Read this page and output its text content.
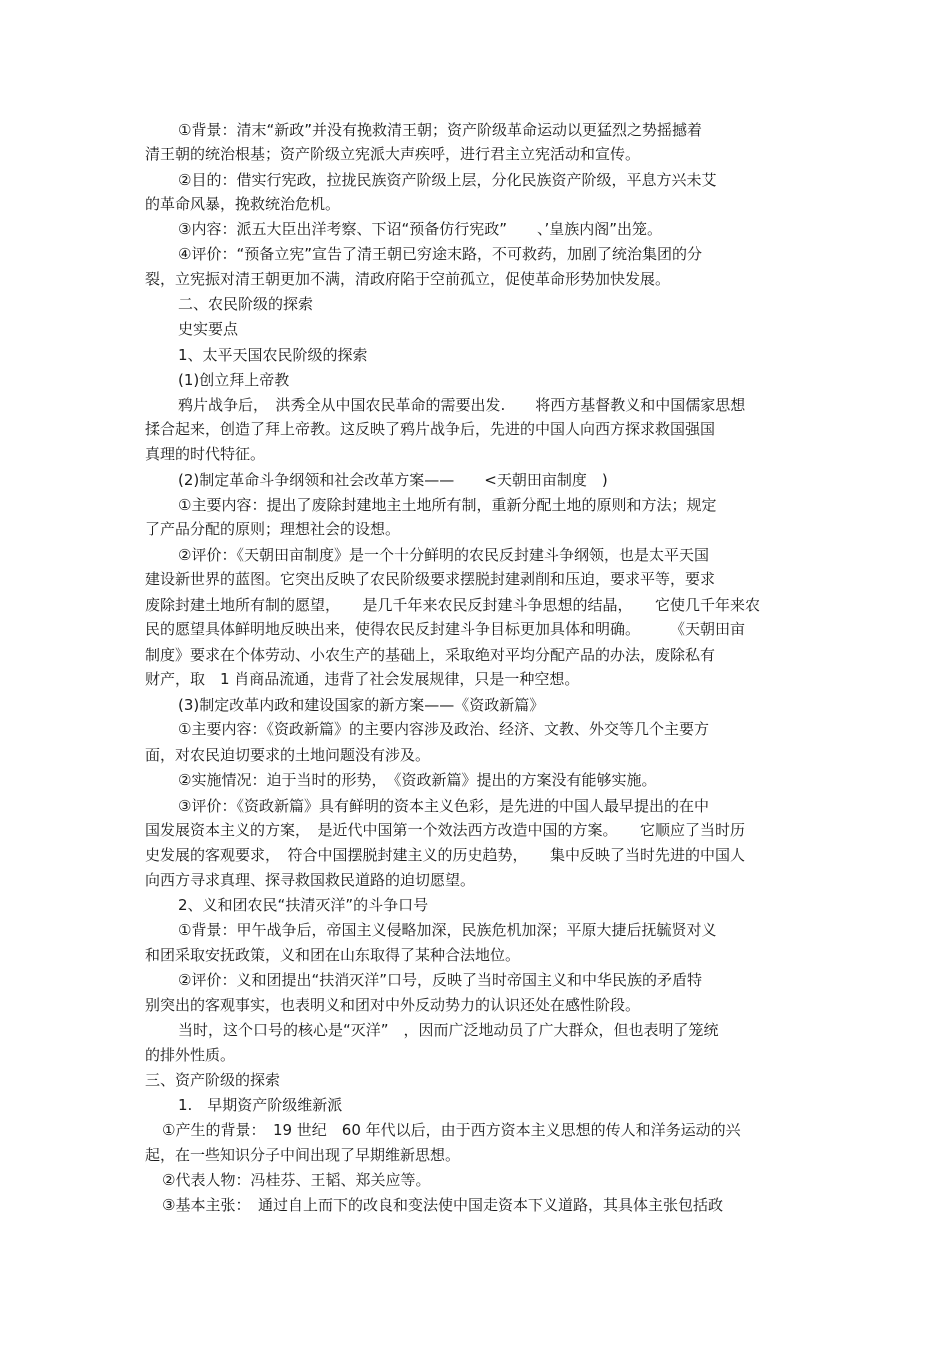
①背景：清末“新政”并没有挽救清王朝；资产阶级革命运动以更猛烈之势摇撼着
清王朝的统治根基；资产阶级立宪派大声疾呼，进行君主立宪活动和宣传。
②目的：借实行宪政，拉拢民族资产阶级上层，分化民族资产阶级，平息方兴未艾
的革命风暴，挽救统治危机。
③内容：派五大臣出洋考察、下诏“预备仿行宪政”　　、’皇族内阁”出笼。
④评价：“预备立宪”宣告了清王朝已穷途末路，不可救药，加剧了统治集团的分
裂，立宪振对清王朝更加不满，清政府陷于空前孤立，促使革命形势加快发展。
二、农民阶级的探索
史实要点
1、太平天国农民阶级的探索
(1)创立拜上帝教
鸦片战争后，　洪秀全从中国农民革命的需要出发.　　将西方基督教义和中国儒家思想
揉合起来，创造了拜上帝教。这反映了鸦片战争后，先进的中国人向西方探求救国强国
真理的时代特征。
(2)制定革命斗争纲领和社会改革方案——　　<天朝田亩制度　)
①主要内容：提出了废除封建地主土地所有制，重新分配土地的原则和方法；规定
了产品分配的原则；理想社会的设想。
②评价：《天朝田亩制度》是一个十分鲜明的农民反封建斗争纲领，也是太平天国
建设新世界的蓝图。它突出反映了农民阶级要求摆脱封建剥削和压迫，要求平等，要求
废除封建土地所有制的愿望，　　是几千年来农民反封建斗争思想的结晶，　　它使几千年来农
民的愿望具体鲜明地反映出来，使得农民反封建斗争目标更加具体和明确。　　　《天朝田亩
制度》要求在个体劳动、小农生产的基础上，采取绝对平均分配产品的办法，废除私有
财产，取　1 肖商品流通，违背了社会发展规律，只是一种空想。
(3)制定改革内政和建设国家的新方案——《资政新篇》
①主要内容：《资政新篇》的主要内容涉及政治、经济、文教、外交等几个主要方
面，对农民迫切要求的土地问题没有涉及。
②实施情况：迫于当时的形势，　《资政新篇》提出的方案没有能够实施。
③评价：《资政新篇》具有鲜明的资本主义色彩，是先进的中国人最早提出的在中
国发展资本主义的方案，　是近代中国第一个效法西方改造中国的方案。　　它顺应了当时历
史发展的客观要求，　符合中国摆脱封建主义的历史趋势，　　集中反映了当时先进的中国人
向西方寻求真理、探寻救国救民道路的迫切愿望。
2、义和团农民“扶清灭洋”的斗争口号
①背景：甲午战争后，帝国主义侵略加深，民族危机加深；平原大捷后抚毓贤对义
和团采取安抚政策，义和团在山东取得了某种合法地位。
②评价：义和团提出“扶消灭洋”口号，反映了当时帝国主义和中华民族的矛盾特
别突出的客观事实，也表明义和团对中外反动势力的认识还处在感性阶段。
当时，这个口号的核心是“灭洋”　，因而广泛地动员了广大群众，但也表明了笼统
的排外性质。
三、资产阶级的探索
1.　早期资产阶级维新派
①产生的背景：　19 世纪　60 年代以后，由于西方资本主义思想的传人和洋务运动的兴
起，在一些知识分子中间出现了早期维新思想。
②代表人物：冯桂芬、王韬、郑关应等。
③基本主张：　通过自上而下的改良和变法使中国走资本下义道路，其具体主张包括政
